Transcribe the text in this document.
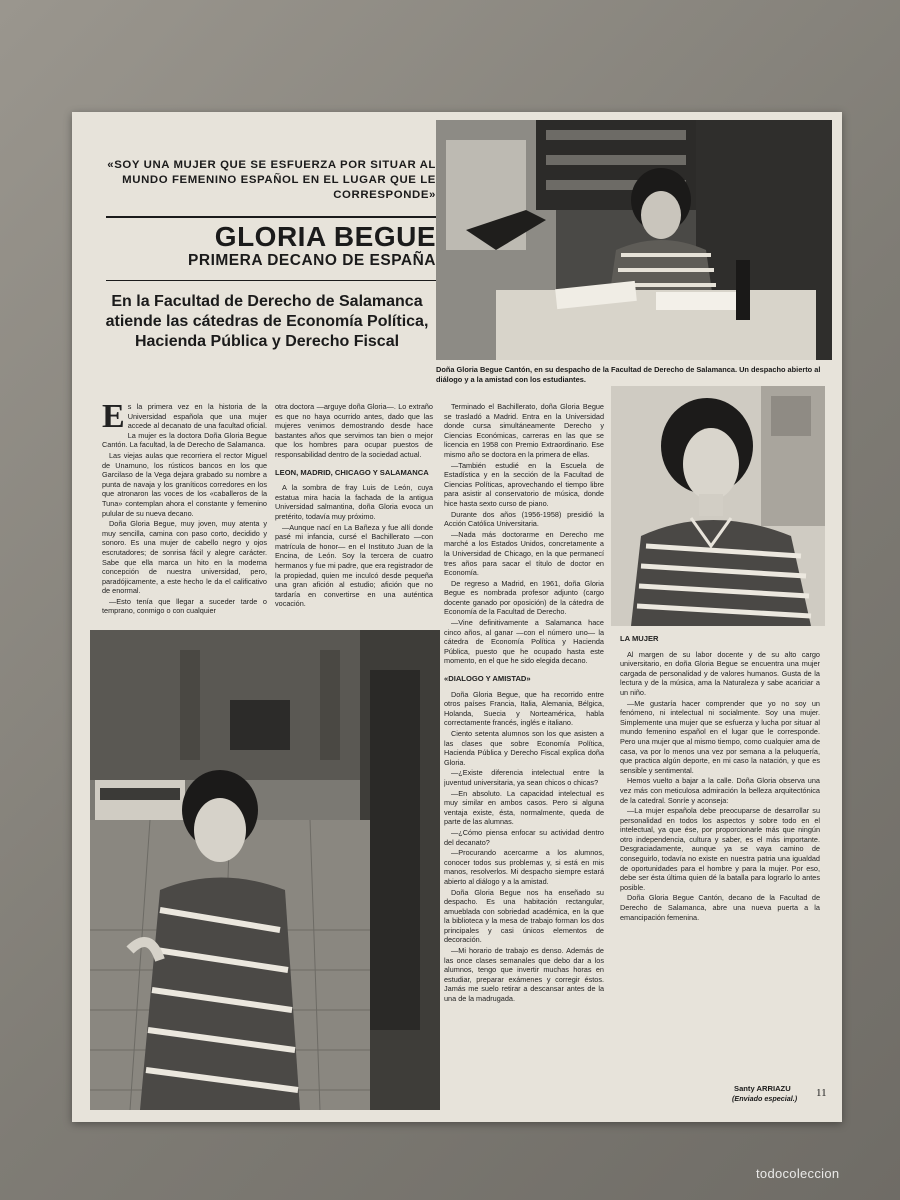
«SOY UNA MUJER QUE SE ESFUERZA POR SITUAR AL MUNDO FEMENINO ESPAÑOL EN EL LUGAR QUE LE CORRESPONDE»
GLORIA BEGUE
PRIMERA DECANO DE ESPAÑA
En la Facultad de Derecho de Salamanca atiende las cátedras de Economía Política, Hacienda Pública y Derecho Fiscal
Doña Gloria Begue Cantón, en su despacho de la Facultad de Derecho de Salamanca. Un despacho abierto al diálogo y a la amistad con los estudiantes.

Es la primera vez en la historia de la Universidad española que una mujer accede al decanato de una facultad oficial. La mujer es la doctora Doña Gloria Begue Cantón. La facultad, la de Derecho de Salamanca.

Las viejas aulas que recorriera el rector Miguel de Unamuno, los rústicos bancos en los que Garcilaso de la Vega dejara grabado su nombre a punta de navaja y los graníticos corredores en los que atronaron las voces de los «caballeros de la Tuna» contemplan ahora el constante y femenino pulular de su nueva decano.

Doña Gloria Begue, muy joven, muy atenta y muy sencilla, camina con paso corto, decidido y sonoro. Es una mujer de cabello negro y ojos escrutadores; de sonrisa fácil y alegre carácter. Sabe que ella marca un hito en la moderna concepción de nuestra universidad, pero, paradójicamente, a este hecho le da el calificativo de enormal.

—Esto tenía que llegar a suceder tarde o temprano, conmigo o con cualquier

otra doctora —arguye doña Gloria—. Lo extraño es que no haya ocurrido antes, dado que las mujeres venimos demostrando desde hace bastantes años que servimos tan bien o mejor que los hombres para ocupar puestos de responsabilidad dentro de la sociedad actual.

LEON, MADRID, CHICAGO Y SALAMANCA

A la sombra de fray Luis de León, cuya estatua mira hacia la fachada de la antigua Universidad salmantina, doña Gloria evoca un pretérito, todavía muy próximo.

—Aunque nací en La Bañeza y fue allí donde pasé mi infancia, cursé el Bachillerato —con matrícula de honor— en el Instituto Juan de la Encina, de León. Soy la tercera de cuatro hermanos y fue mi padre, que era registrador de la propiedad, quien me inculcó desde pequeña una gran afición al estudio; afición que no tardaría en convertirse en una auténtica vocación.

Terminado el Bachillerato, doña Gloria Begue se trasladó a Madrid. Entra en la Universidad donde cursa simultáneamente Derecho y Ciencias Económicas, carreras en las que se licencia en 1958 con Premio Extraordinario. Ese mismo año se doctora en la primera de ellas.

—También estudié en la Escuela de Estadística y en la sección de la Facultad de Ciencias Políticas, aprovechando el tiempo libre para asistir al conservatorio de música, donde hice hasta sexto curso de piano.

Durante dos años (1956-1958) presidió la Acción Católica Universitaria.

—Nada más doctorarme en Derecho me marché a los Estados Unidos, concretamente a la Universidad de Chicago, en la que permanecí tres años para sacar el título de doctor en Economía.

De regreso a Madrid, en 1961, doña Gloria Begue es nombrada profesor adjunto (cargo docente ganado por oposición) de la cátedra de Economía de la Facultad de Derecho.

—Vine definitivamente a Salamanca hace cinco años, al ganar —con el número uno— la cátedra de Economía Política y Hacienda Pública, puesto que he ocupado hasta este momento, en el que he sido elegida decano.

«DIALOGO Y AMISTAD»

Doña Gloria Begue, que ha recorrido entre otros países Francia, Italia, Alemania, Bélgica, Holanda, Suecia y Norteamérica, habla correctamente francés, inglés e italiano.

Ciento setenta alumnos son los que asisten a las clases que sobre Economía Política, Hacienda Pública y Derecho Fiscal explica doña Gloria.

—¿Existe diferencia intelectual entre la juventud universitaria, ya sean chicos o chicas?

—En absoluto. La capacidad intelectual es muy similar en ambos casos. Pero si alguna ventaja existe, ésta, normalmente, queda de parte de las alumnas.

—¿Cómo piensa enfocar su actividad dentro del decanato?

—Procurando acercarme a los alumnos, conocer todos sus problemas y, si está en mis manos, resolverlos. Mi despacho siempre estará abierto al diálogo y a la amistad.

Doña Gloria Begue nos ha enseñado su despacho. Es una habitación rectangular, amueblada con sobriedad académica, en la que la biblioteca y la mesa de trabajo forman los dos principales y casi únicos elementos de decoración.

—Mi horario de trabajo es denso. Además de las once clases semanales que debo dar a los alumnos, tengo que invertir muchas horas en estudiar, preparar exámenes y corregir éstos. Jamás me suelo retirar a descansar antes de la una de la madrugada.

LA MUJER

Al margen de su labor docente y de su alto cargo universitario, en doña Gloria Begue se encuentra una mujer cargada de personalidad y de valores humanos. Gusta de la lectura y de la música, ama la Naturaleza y sabe acariciar a un niño.

—Me gustaría hacer comprender que yo no soy un fenómeno, ni intelectual ni socialmente. Soy una mujer. Simplemente una mujer que se esfuerza y lucha por situar al mundo femenino español en el lugar que le corresponde. Pero una mujer que al mismo tiempo, como cualquier ama de casa, va por lo menos una vez por semana a la peluquería, que practica algún deporte, en mi caso la natación, y que es sensible y sentimental.

Hemos vuelto a bajar a la calle. Doña Gloria observa una vez más con meticulosa admiración la belleza arquitectónica de la catedral. Sonríe y aconseja:

—La mujer española debe preocuparse de desarrollar su personalidad en todos los aspectos y sobre todo en el intelectual, ya que ése, por proporcionarle más que ningún otro independencia, cultura y saber, es el más importante. Desgraciadamente, aunque ya se vaya camino de conseguirlo, todavía no existe en nuestra patria una igualdad de oportunidades para el hombre y para la mujer. Por eso, debe ser ésta última quien dé la batalla para lograrlo lo antes posible.

Doña Gloria Begue Cantón, decano de la Facultad de Derecho de Salamanca, abre una nueva puerta a la emancipación femenina.

Santy ARRIAZU
(Enviado especial.) 11
todocoleccion
